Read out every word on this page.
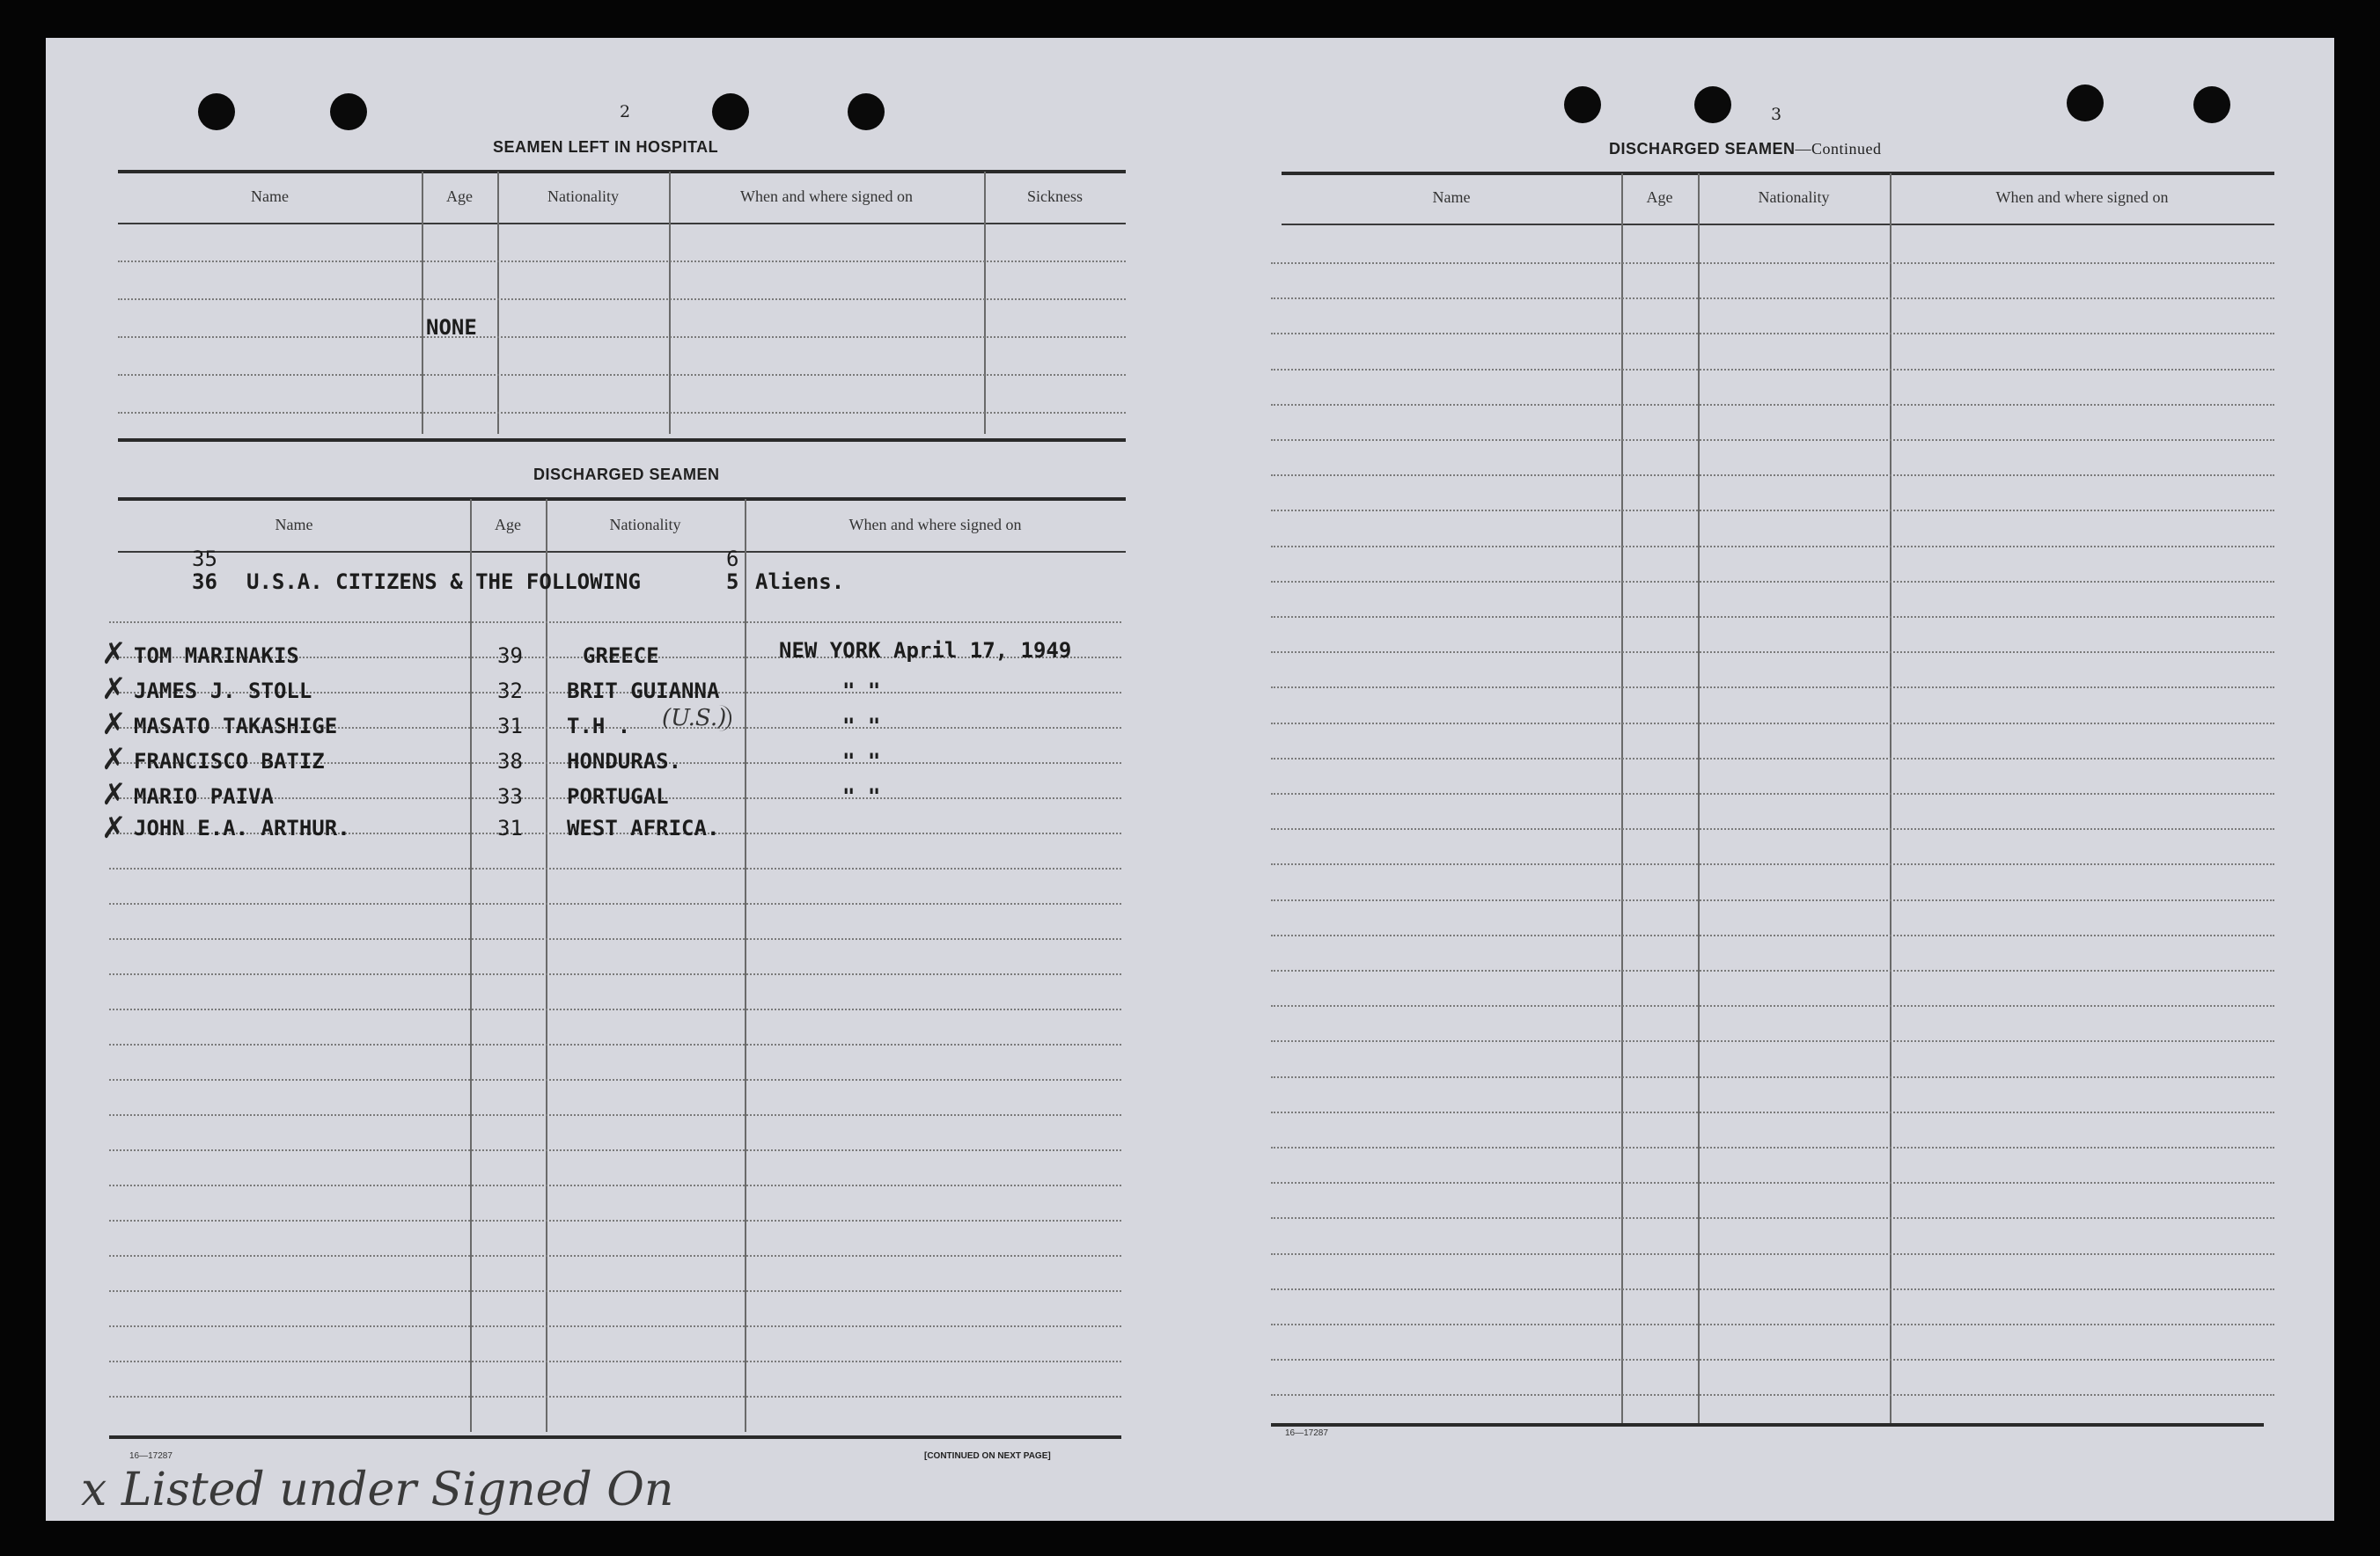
2
SEAMEN LEFT IN HOSPITAL
Name	Age	Nationality	When and where signed on	Sickness
NONE
DISCHARGED SEAMEN
Name	Age	Nationality	When and where signed on
35
36 U.S.A. CITIZENS & THE FOLLOWING
6
5 Aliens.
✗ TOM MARINAKIS	39	GREECE	NEW YORK April 17, 1949
✗ JAMES J. STOLL	32 BRIT GUIANNA	" "
✗ MASATO TAKASHIGE	31 T.H . (U.S.)	" "
✗ FRANCISCO BATIZ	38 HONDURAS.	" "
✗ MARIO PAIVA	33 PORTUGAL	" "
✗ JOHN E.A. ARTHUR.	31 WEST AFRICA.
16—17287	[CONTINUED ON NEXT PAGE]
x Listed under Signed On
3
DISCHARGED SEAMEN—Continued
Name	Age	Nationality	When and where signed on
16—17287
